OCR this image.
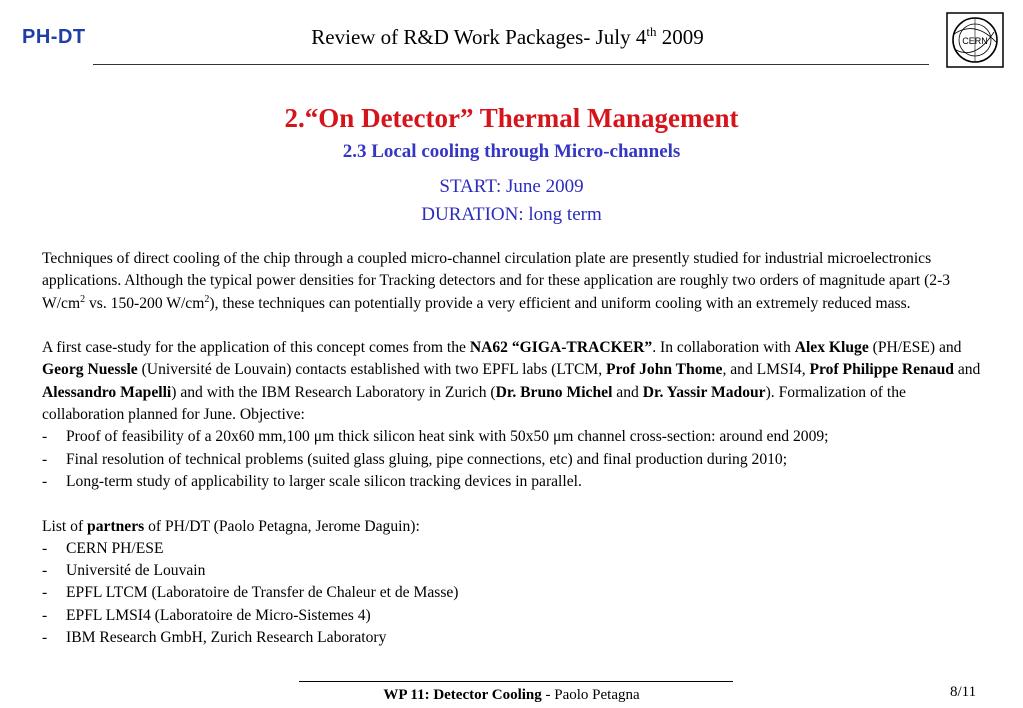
PH-DT	Review of R&D Work Packages- July 4th 2009	CERN
2.“On Detector” Thermal Management
2.3 Local cooling through Micro-channels
START: June 2009
DURATION: long term

Techniques of direct cooling of the chip through a coupled micro-channel circulation plate are presently studied for industrial microelectronics applications. Although the typical power densities for Tracking detectors and for these application are roughly two orders of magnitude apart (2-3 $W/cm^2$ vs. 150-200 $W/cm^2$), these techniques can potentially provide a very efficient and uniform cooling with an extremely reduced mass.

A first case-study for the application of this concept comes from the NA62 “GIGA-TRACKER”. In collaboration with Alex Kluge (PH/ESE) and Georg Nuessle (Université de Louvain) contacts established with two EPFL labs (LTCM, Prof John Thome, and LMSI4, Prof Philippe Renaud and Alessandro Mapelli) and with the IBM Research Laboratory in Zurich (Dr. Bruno Michel and Dr. Yassir Madour). Formalization of the collaboration planned for June. Objective:

-	Proof of feasibility of a 20x60 mm,100 μm thick silicon heat sink with 50x50 μm channel cross-section: around end 2009;
-	Final resolution of technical problems (suited glass gluing, pipe connections, etc) and final production during 2010;
-	Long-term study of applicability to larger scale silicon tracking devices in parallel.

List of partners of PH/DT (Paolo Petagna, Jerome Daguin):

-	CERN PH/ESE
-	Université de Louvain
-	EPFL LTCM (Laboratoire de Transfer de Chaleur et de Masse)
-	EPFL LMSI4 (Laboratoire de Micro-Sistemes 4)
-	IBM Research GmbH, Zurich Research Laboratory
WP 11: Detector Cooling - Paolo Petagna	8/11
